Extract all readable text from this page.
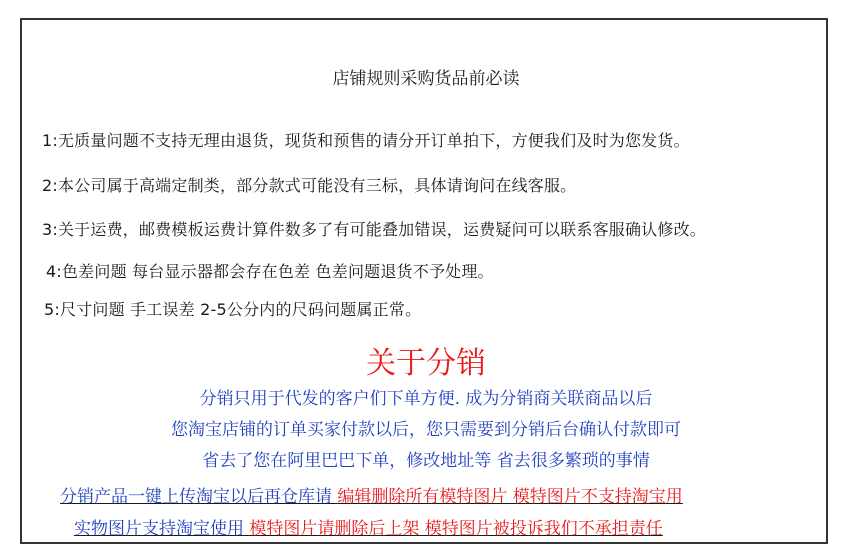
店铺规则采购货品前必读
1:无质量问题不支持无理由退货，现货和预售的请分开订单拍下，方便我们及时为您发货。
2:本公司属于高端定制类，部分款式可能没有三标，具体请询问在线客服。
3:关于运费，邮费模板运费计算件数多了有可能叠加错误，运费疑问可以联系客服确认修改。
4:色差问题 每台显示器都会存在色差 色差问题退货不予处理。
5:尺寸问题 手工误差 2-5公分内的尺码问题属正常。
关于分销
分销只用于代发的客户们下单方便. 成为分销商关联商品以后
您淘宝店铺的订单买家付款以后，您只需要到分销后台确认付款即可
省去了您在阿里巴巴下单，修改地址等 省去很多繁琐的事情
分销产品一键上传淘宝以后再仓库请 编辑删除所有模特图片 模特图片不支持淘宝用
实物图片支持淘宝使用 模特图片请删除后上架 模特图片被投诉我们不承担责任
